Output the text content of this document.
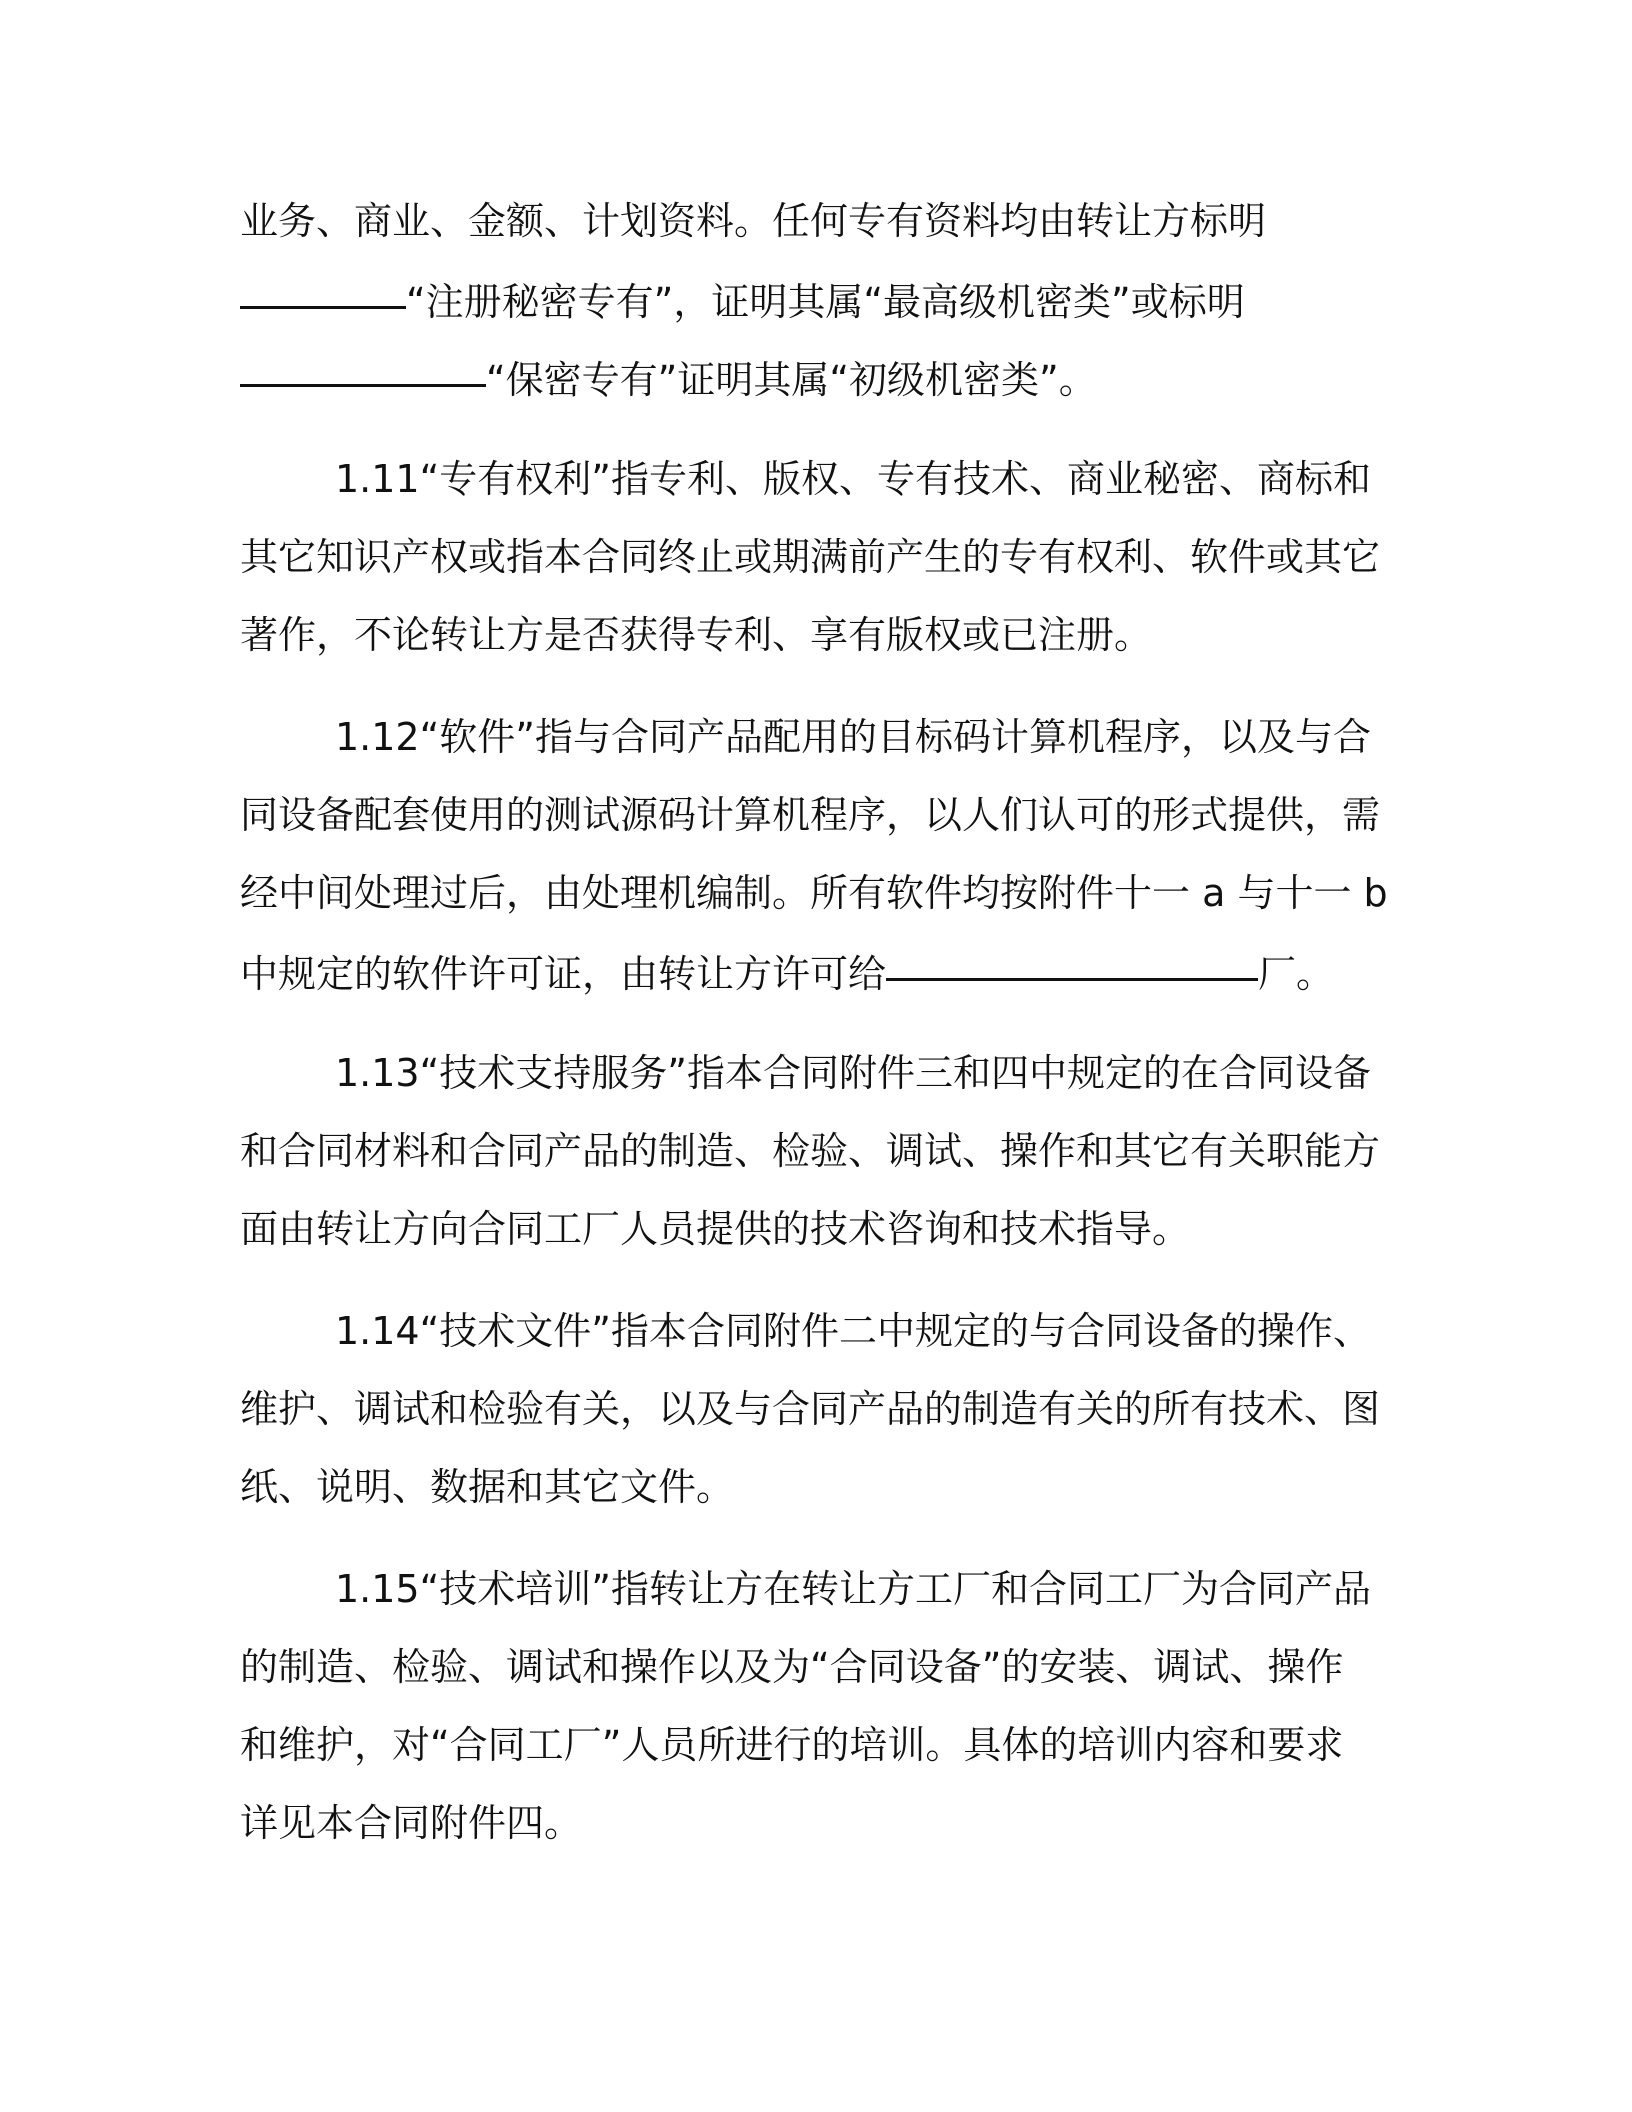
业务、商业、金额、计划资料。任何专有资料均由转让方标明
“注册秘密专有”，证明其属“最高级机密类”或标明
“保密专有”证明其属“初级机密类”。
1.11“专有权利”指专利、版权、专有技术、商业秘密、商标和
其它知识产权或指本合同终止或期满前产生的专有权利、软件或其它
著作，不论转让方是否获得专利、享有版权或已注册。
1.12“软件”指与合同产品配用的目标码计算机程序，以及与合
同设备配套使用的测试源码计算机程序，以人们认可的形式提供，需
经中间处理过后，由处理机编制。所有软件均按附件十一 a 与十一 b
中规定的软件许可证，由转让方许可给	厂。
1.13“技术支持服务”指本合同附件三和四中规定的在合同设备
和合同材料和合同产品的制造、检验、调试、操作和其它有关职能方
面由转让方向合同工厂人员提供的技术咨询和技术指导。
1.14“技术文件”指本合同附件二中规定的与合同设备的操作、
维护、调试和检验有关，以及与合同产品的制造有关的所有技术、图
纸、说明、数据和其它文件。
1.15“技术培训”指转让方在转让方工厂和合同工厂为合同产品
的制造、检验、调试和操作以及为“合同设备”的安装、调试、操作
和维护，对“合同工厂”人员所进行的培训。具体的培训内容和要求
详见本合同附件四。
